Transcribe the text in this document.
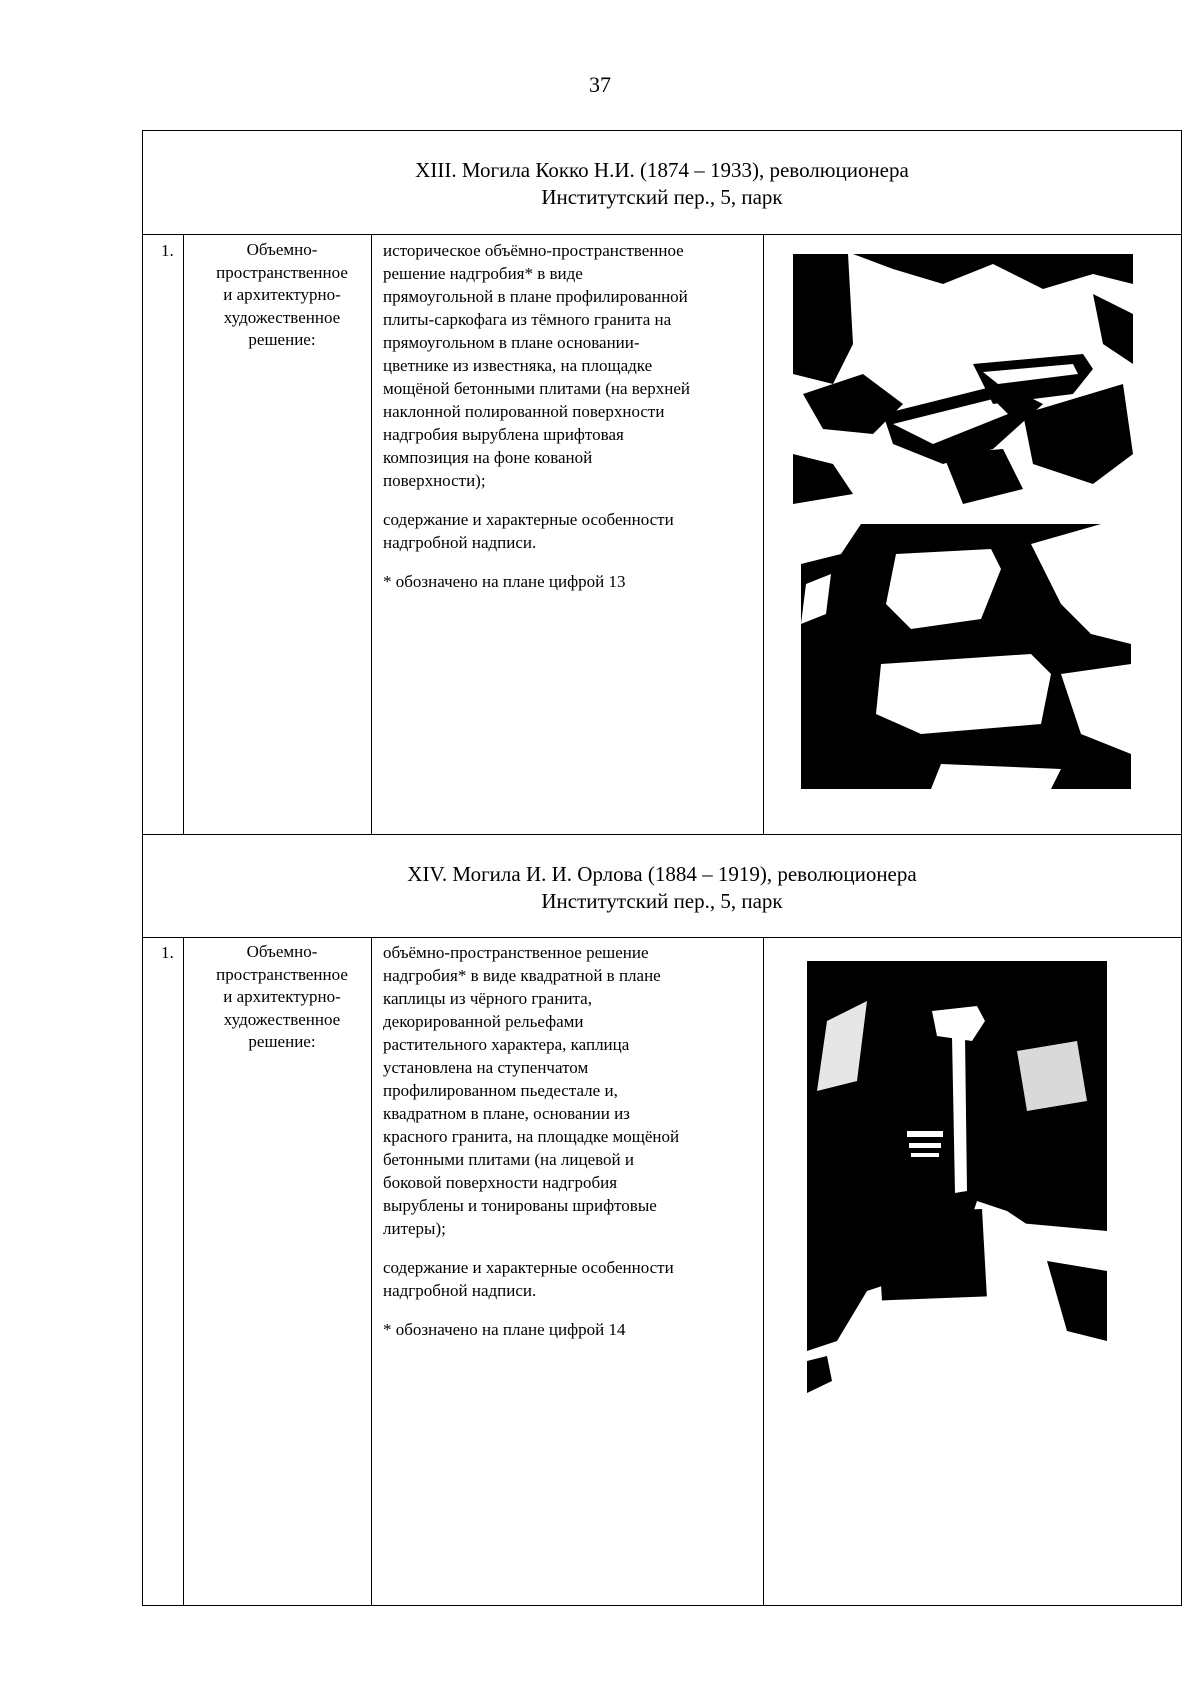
37
XIII. Могила Кокко Н.И. (1874 – 1933), революционера
Институтский пер., 5, парк
1.	Объемно-
пространственное
и архитектурно-
художественное
решение:

историческое объёмно-пространственное
решение надгробия* в виде
прямоугольной в плане профилированной
плиты-саркофага из тёмного гранита на
прямоугольном в плане основании-
цветнике из известняка, на площадке
мощёной бетонными плитами (на верхней
наклонной полированной поверхности
надгробия вырублена шрифтовая
композиция на фоне кованой
поверхности);

содержание и характерные особенности
надгробной надписи.

* обозначено на плане цифрой 13

XIV. Могила И. И. Орлова (1884 – 1919), революционера
Институтский пер., 5, парк
1.	Объемно-
пространственное
и архитектурно-
художественное
решение:

объёмно-пространственное решение
надгробия* в виде квадратной в плане
каплицы из чёрного гранита,
декорированной рельефами
растительного характера, каплица
установлена на ступенчатом
профилированном пьедестале и,
квадратном в плане, основании из
красного гранита, на площадке мощёной
бетонными плитами (на лицевой и
боковой поверхности надгробия
вырублены и тонированы шрифтовые
литеры);

содержание и характерные особенности
надгробной надписи.

* обозначено на плане цифрой 14
